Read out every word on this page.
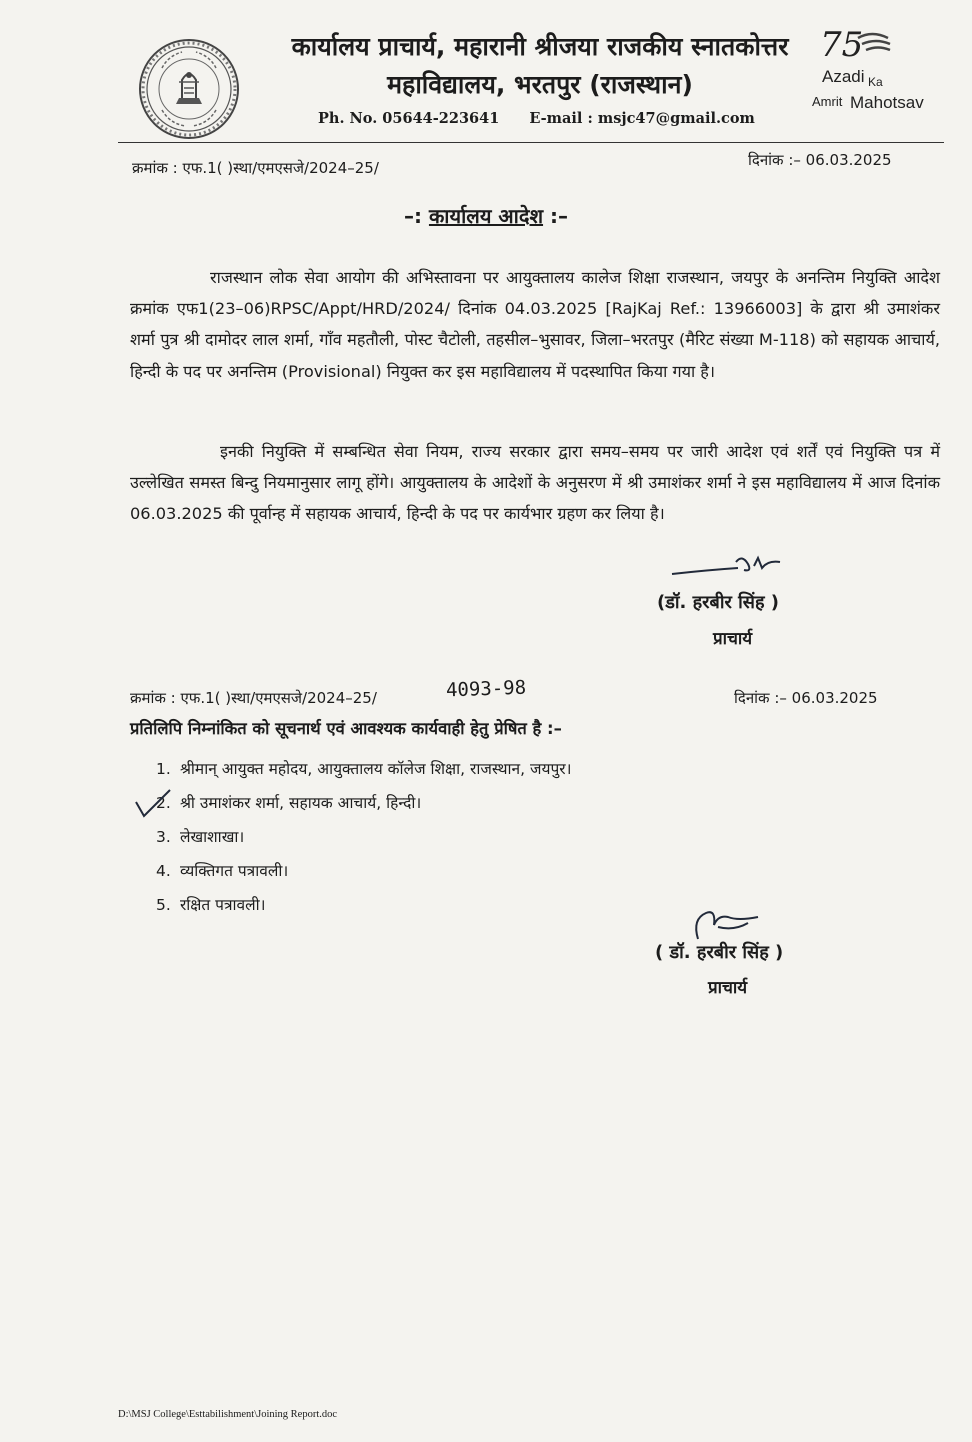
कार्यालय प्राचार्य, महारानी श्रीजया राजकीय स्नातकोत्तर
महाविद्यालय, भरतपुर (राजस्थान)
Ph. No. 05644-223641 E-mail : msjc47@gmail.com
75
Azadi Ka
Amrit Mahotsav
क्रमांक : एफ.1( )स्था/एमएसजे/2024–25/	दिनांक :– 06.03.2025
–: कार्यालय आदेश :–
राजस्थान लोक सेवा आयोग की अभिस्तावना पर आयुक्तालय कालेज शिक्षा राजस्थान, जयपुर के अनन्तिम नियुक्ति आदेश क्रमांक एफ1(23–06)RPSC/Appt/HRD/2024/ दिनांक 04.03.2025 [RajKaj Ref.: 13966003] के द्वारा श्री उमाशंकर शर्मा पुत्र श्री दामोदर लाल शर्मा, गाँव महतौली, पोस्ट चैटोली, तहसील–भुसावर, जिला–भरतपुर (मैरिट संख्या M-118) को सहायक आचार्य, हिन्दी के पद पर अनन्तिम (Provisional) नियुक्त कर इस महाविद्यालय में पदस्थापित किया गया है।
इनकी नियुक्ति में सम्बन्धित सेवा नियम, राज्य सरकार द्वारा समय–समय पर जारी आदेश एवं शर्तें एवं नियुक्ति पत्र में उल्लेखित समस्त बिन्दु नियमानुसार लागू होंगे। आयुक्तालय के आदेशों के अनुसरण में श्री उमाशंकर शर्मा ने इस महाविद्यालय में आज दिनांक 06.03.2025 की पूर्वान्ह में सहायक आचार्य, हिन्दी के पद पर कार्यभार ग्रहण कर लिया है।
(डॉ. हरबीर सिंह )
प्राचार्य
क्रमांक : एफ.1( )स्था/एमएसजे/2024–25/	4093-98	दिनांक :– 06.03.2025
प्रतिलिपि निम्नांकित को सूचनार्थ एवं आवश्यक कार्यवाही हेतु प्रेषित है :–
1. श्रीमान् आयुक्त महोदय, आयुक्तालय कॉलेज शिक्षा, राजस्थान, जयपुर।
2. श्री उमाशंकर शर्मा, सहायक आचार्य, हिन्दी।
3. लेखाशाखा।
4. व्यक्तिगत पत्रावली।
5. रक्षित पत्रावली।
( डॉ. हरबीर सिंह )
प्राचार्य
D:\MSJ College\Esttabilishment\Joining Report.doc
